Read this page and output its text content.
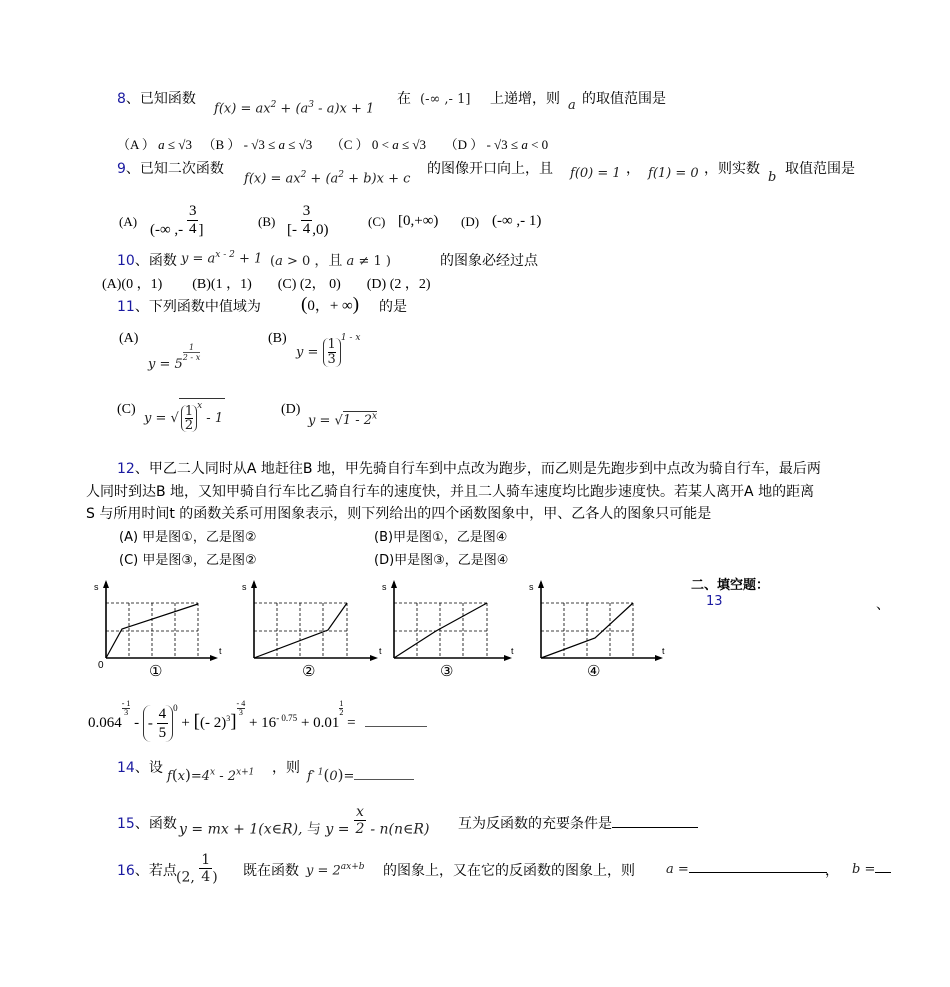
8、已知函数
$f(x) = ax^2 + (a^3 - a)x + 1$
在 (-∞ ,- 1] 上递增，则 a 的取值范围是
（A ） a ≤ √3 （B ） - √3 ≤ a ≤ √3 （C ） 0 < a ≤ √3 （D ） - √3 ≤ a < 0
9、已知二次函数
$f(x) = ax^2 + (a^2 + b)x + c$
的图像开口向上，且 f(0) = 1 ， f(1) = 0 ，则实数
b
取值范围是
(A)
(-∞ ,- $\frac{3}{4}$ ]
(B)
[- $\frac{3}{4} ,0$)
(C) [0,+∞) (D) (-∞ ,- 1)
10、函数 $y = a^{x - 2} + 1$ (a > 0 ，且 a ≠ 1 )	的图象必经过点
(A)(0 ，1) (B)(1 ，1) (C) (2， 0) (D) (2 ，2)
11、下列函数中值域为 (0，+ ∞) 的是
(A)
y = 5
$^{\frac{1}{2 - x}}$
(B)
$y = \frac{1}{3} ^{1 - x}$
(C)
y = √ $\frac{1}{2} ^x - 1$
(D)
y = √1 - 2$^x$
12、甲乙二人同时从A 地赶往B 地，甲先骑自行车到中点改为跑步，而乙则是先跑步到中点改为骑自行车，最后两
人同时到达B 地，又知甲骑自行车比乙骑自行车的速度快，并且二人骑车速度均比跑步速度快。若某人离开A 地的距离
S 与所用时间t 的函数关系可用图象表示，则下列给出的四个函数图象中，甲、乙各人的图象只可能是
(A) 甲是图①，乙是图②	(B)甲是图①，乙是图④
(C) 甲是图③，乙是图②	(D)甲是图③，乙是图④
s
t
0	①
s
t
②
s
t
③
s
t
④
二、填空题：
13	、
0.064
$^{\frac{- 1}{3}}$
- - $\frac{4}{5} ^0$ + [(- 2)$^3$]
$^{\frac{- 4}{3}}$
+ $16^{- 0.75} + 0.01$
$^{\frac{1}{2}}$
=
14、设
$f(x)=4^x - 2^{x+1}$ ，则
$f^{- 1}(0)=$
15、函数 y = mx + 1(x∈R), 与 $y = \frac{x}{2}$ - n(n∈R) 互为反函数的充要条件是
16、若点 (2, $\frac{1}{4}$ ) 既在函数 $y = 2^{ax+b}$ 的图象上，又在它的反函数的图象上，则 a =	， b =
